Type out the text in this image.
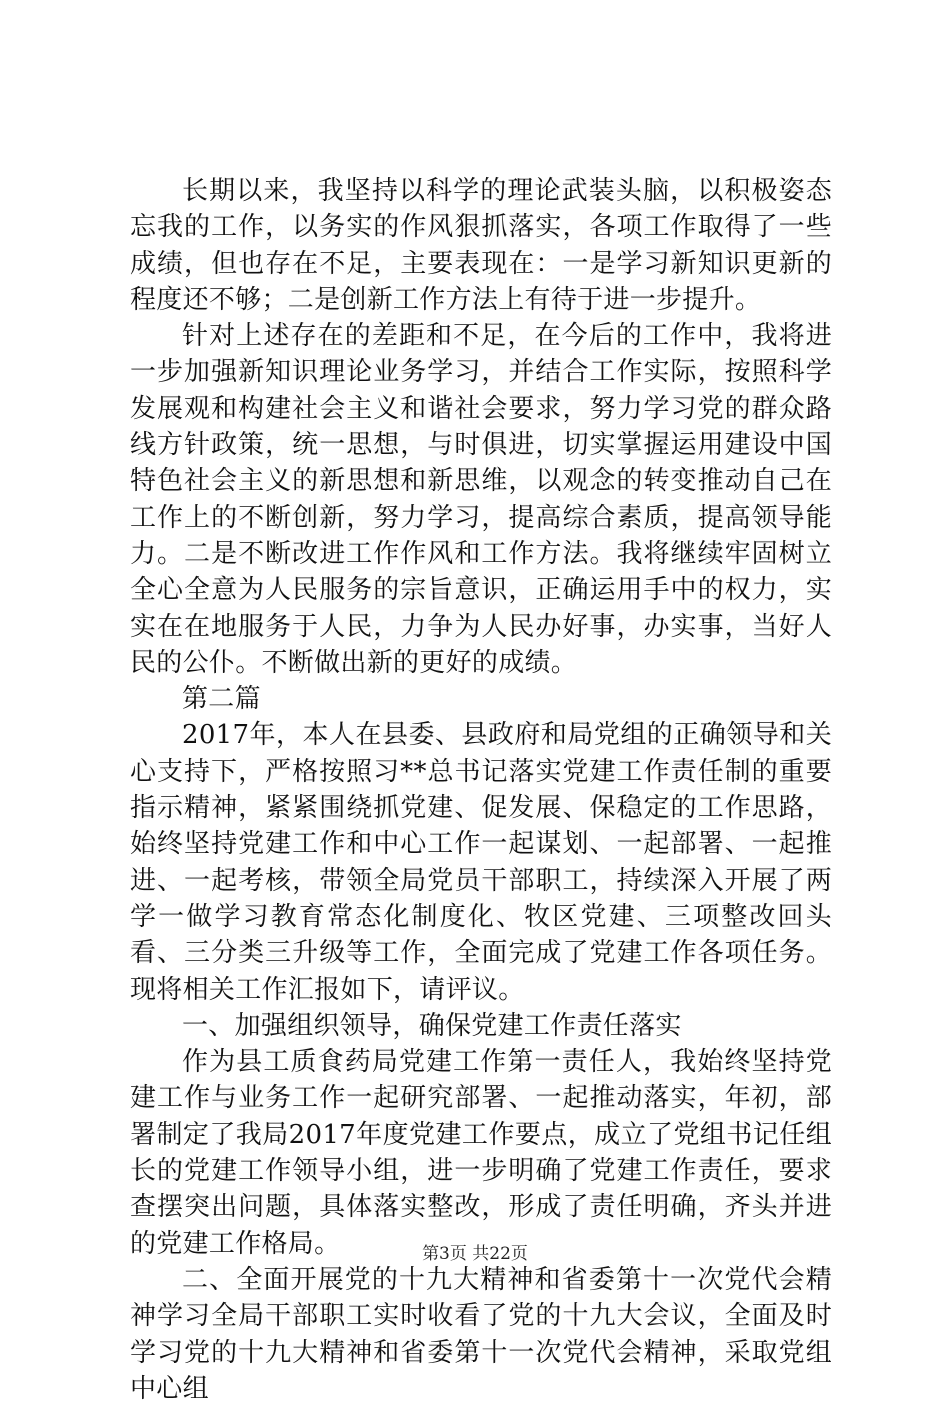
长期以来，我坚持以科学的理论武装头脑，以积极姿态忘我的工作，以务实的作风狠抓落实，各项工作取得了一些成绩，但也存在不足，主要表现在：一是学习新知识更新的程度还不够；二是创新工作方法上有待于进一步提升。

针对上述存在的差距和不足，在今后的工作中，我将进一步加强新知识理论业务学习，并结合工作实际，按照科学发展观和构建社会主义和谐社会要求，努力学习党的群众路线方针政策，统一思想，与时俱进，切实掌握运用建设中国特色社会主义的新思想和新思维，以观念的转变推动自己在工作上的不断创新，努力学习，提高综合素质，提高领导能力。二是不断改进工作作风和工作方法。我将继续牢固树立全心全意为人民服务的宗旨意识，正确运用手中的权力，实实在在地服务于人民，力争为人民办好事，办实事，当好人民的公仆。不断做出新的更好的成绩。

第二篇

2017年，本人在县委、县政府和局党组的正确领导和关心支持下，严格按照习**总书记落实党建工作责任制的重要指示精神，紧紧围绕抓党建、促发展、保稳定的工作思路，始终坚持党建工作和中心工作一起谋划、一起部署、一起推进、一起考核，带领全局党员干部职工，持续深入开展了两学一做学习教育常态化制度化、牧区党建、三项整改回头看、三分类三升级等工作，全面完成了党建工作各项任务。现将相关工作汇报如下，请评议。

一、加强组织领导，确保党建工作责任落实

作为县工质食药局党建工作第一责任人，我始终坚持党建工作与业务工作一起研究部署、一起推动落实，年初，部署制定了我局2017年度党建工作要点，成立了党组书记任组长的党建工作领导小组，进一步明确了党建工作责任，要求查摆突出问题，具体落实整改，形成了责任明确，齐头并进的党建工作格局。

二、全面开展党的十九大精神和省委第十一次党代会精神学习全局干部职工实时收看了党的十九大会议，全面及时学习党的十九大精神和省委第十一次党代会精神，采取党组中心组

第3页 共22页
